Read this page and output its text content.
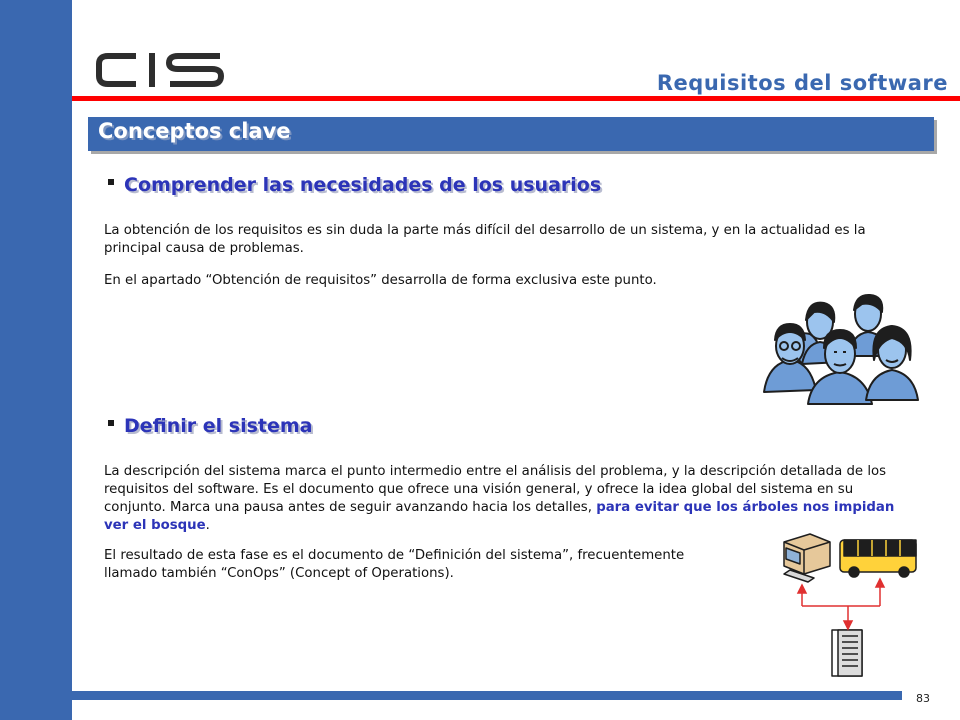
Requisitos del software
Conceptos clave
Comprender las necesidades de los usuarios

La obtención de los requisitos es sin duda la parte más difícil del desarrollo de un sistema, y en la actualidad es la principal causa de problemas.

En el apartado “Obtención de requisitos” desarrolla de forma exclusiva este punto.

Definir el sistema

La descripción del sistema marca el punto intermedio entre el análisis del problema, y la descripción detallada de los requisitos del software. Es el documento que ofrece una visión general, y ofrece la idea global del sistema en su conjunto. Marca una pausa antes de seguir avanzando hacia los detalles, para evitar que los árboles nos impidan ver el bosque.

El resultado de esta fase es el documento de “Definición del sistema”, frecuentemente llamado también “ConOps” (Concept of Operations).

83
